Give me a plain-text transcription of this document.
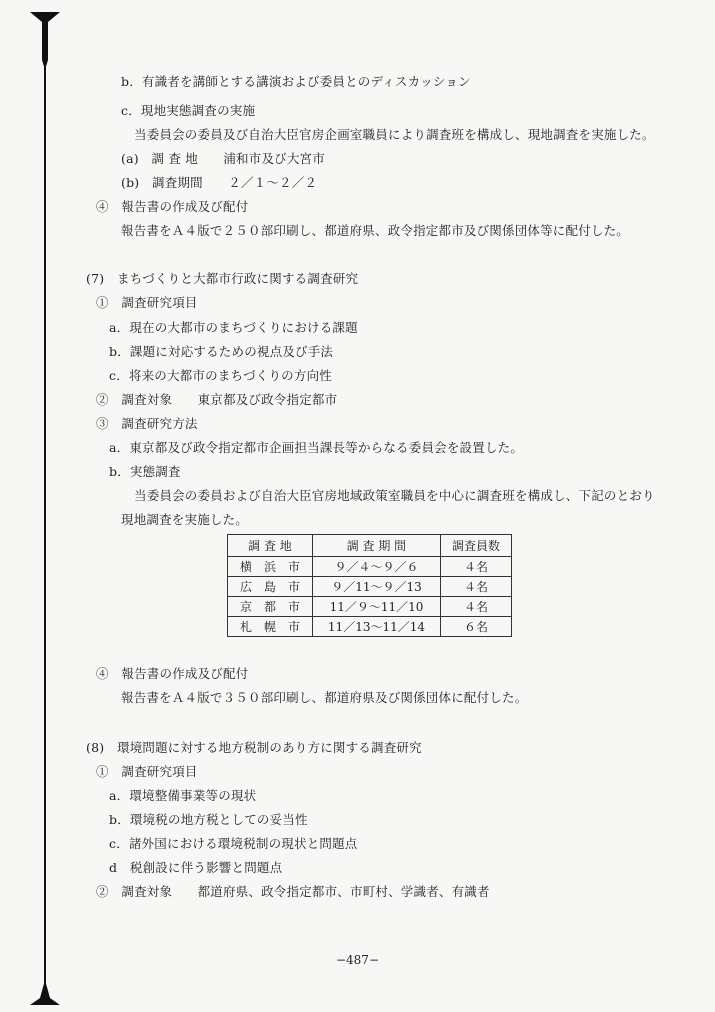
b．有識者を講師とする講演および委員とのディスカッション
c．現地実態調査の実施
当委員会の委員及び自治大臣官房企画室職員により調査班を構成し、現地調査を実施した。
(a)　調 査 地　　浦和市及び大宮市
(b)　調査期間　　２／１〜２／２
④　報告書の作成及び配付
報告書をＡ４版で２５０部印刷し、都道府県、政令指定都市及び関係団体等に配付した。
(7)　まちづくりと大都市行政に関する調査研究
①　調査研究項目
a．現在の大都市のまちづくりにおける課題
b．課題に対応するための視点及び手法
c．将来の大都市のまちづくりの方向性
②　調査対象　　東京都及び政令指定都市
③　調査研究方法
a．東京都及び政令指定都市企画担当課長等からなる委員会を設置した。
b．実態調査
当委員会の委員および自治大臣官房地域政策室職員を中心に調査班を構成し、下記のとおり
現地調査を実施した。
調 査 地	調 査 期 間	調査員数
横　浜　市	９／４〜９／６	４名
広　島　市	９／11〜９／13	４名
京　都　市	11／９〜11／10	４名
札　幌　市	11／13〜11／14	６名
④　報告書の作成及び配付
報告書をＡ４版で３５０部印刷し、都道府県及び関係団体に配付した。
(8)　環境問題に対する地方税制のあり方に関する調査研究
①　調査研究項目
a．環境整備事業等の現状
b．環境税の地方税としての妥当性
c．諸外国における環境税制の現状と問題点
d　税創設に伴う影響と問題点
②　調査対象　　都道府県、政令指定都市、市町村、学識者、有識者
−487−
